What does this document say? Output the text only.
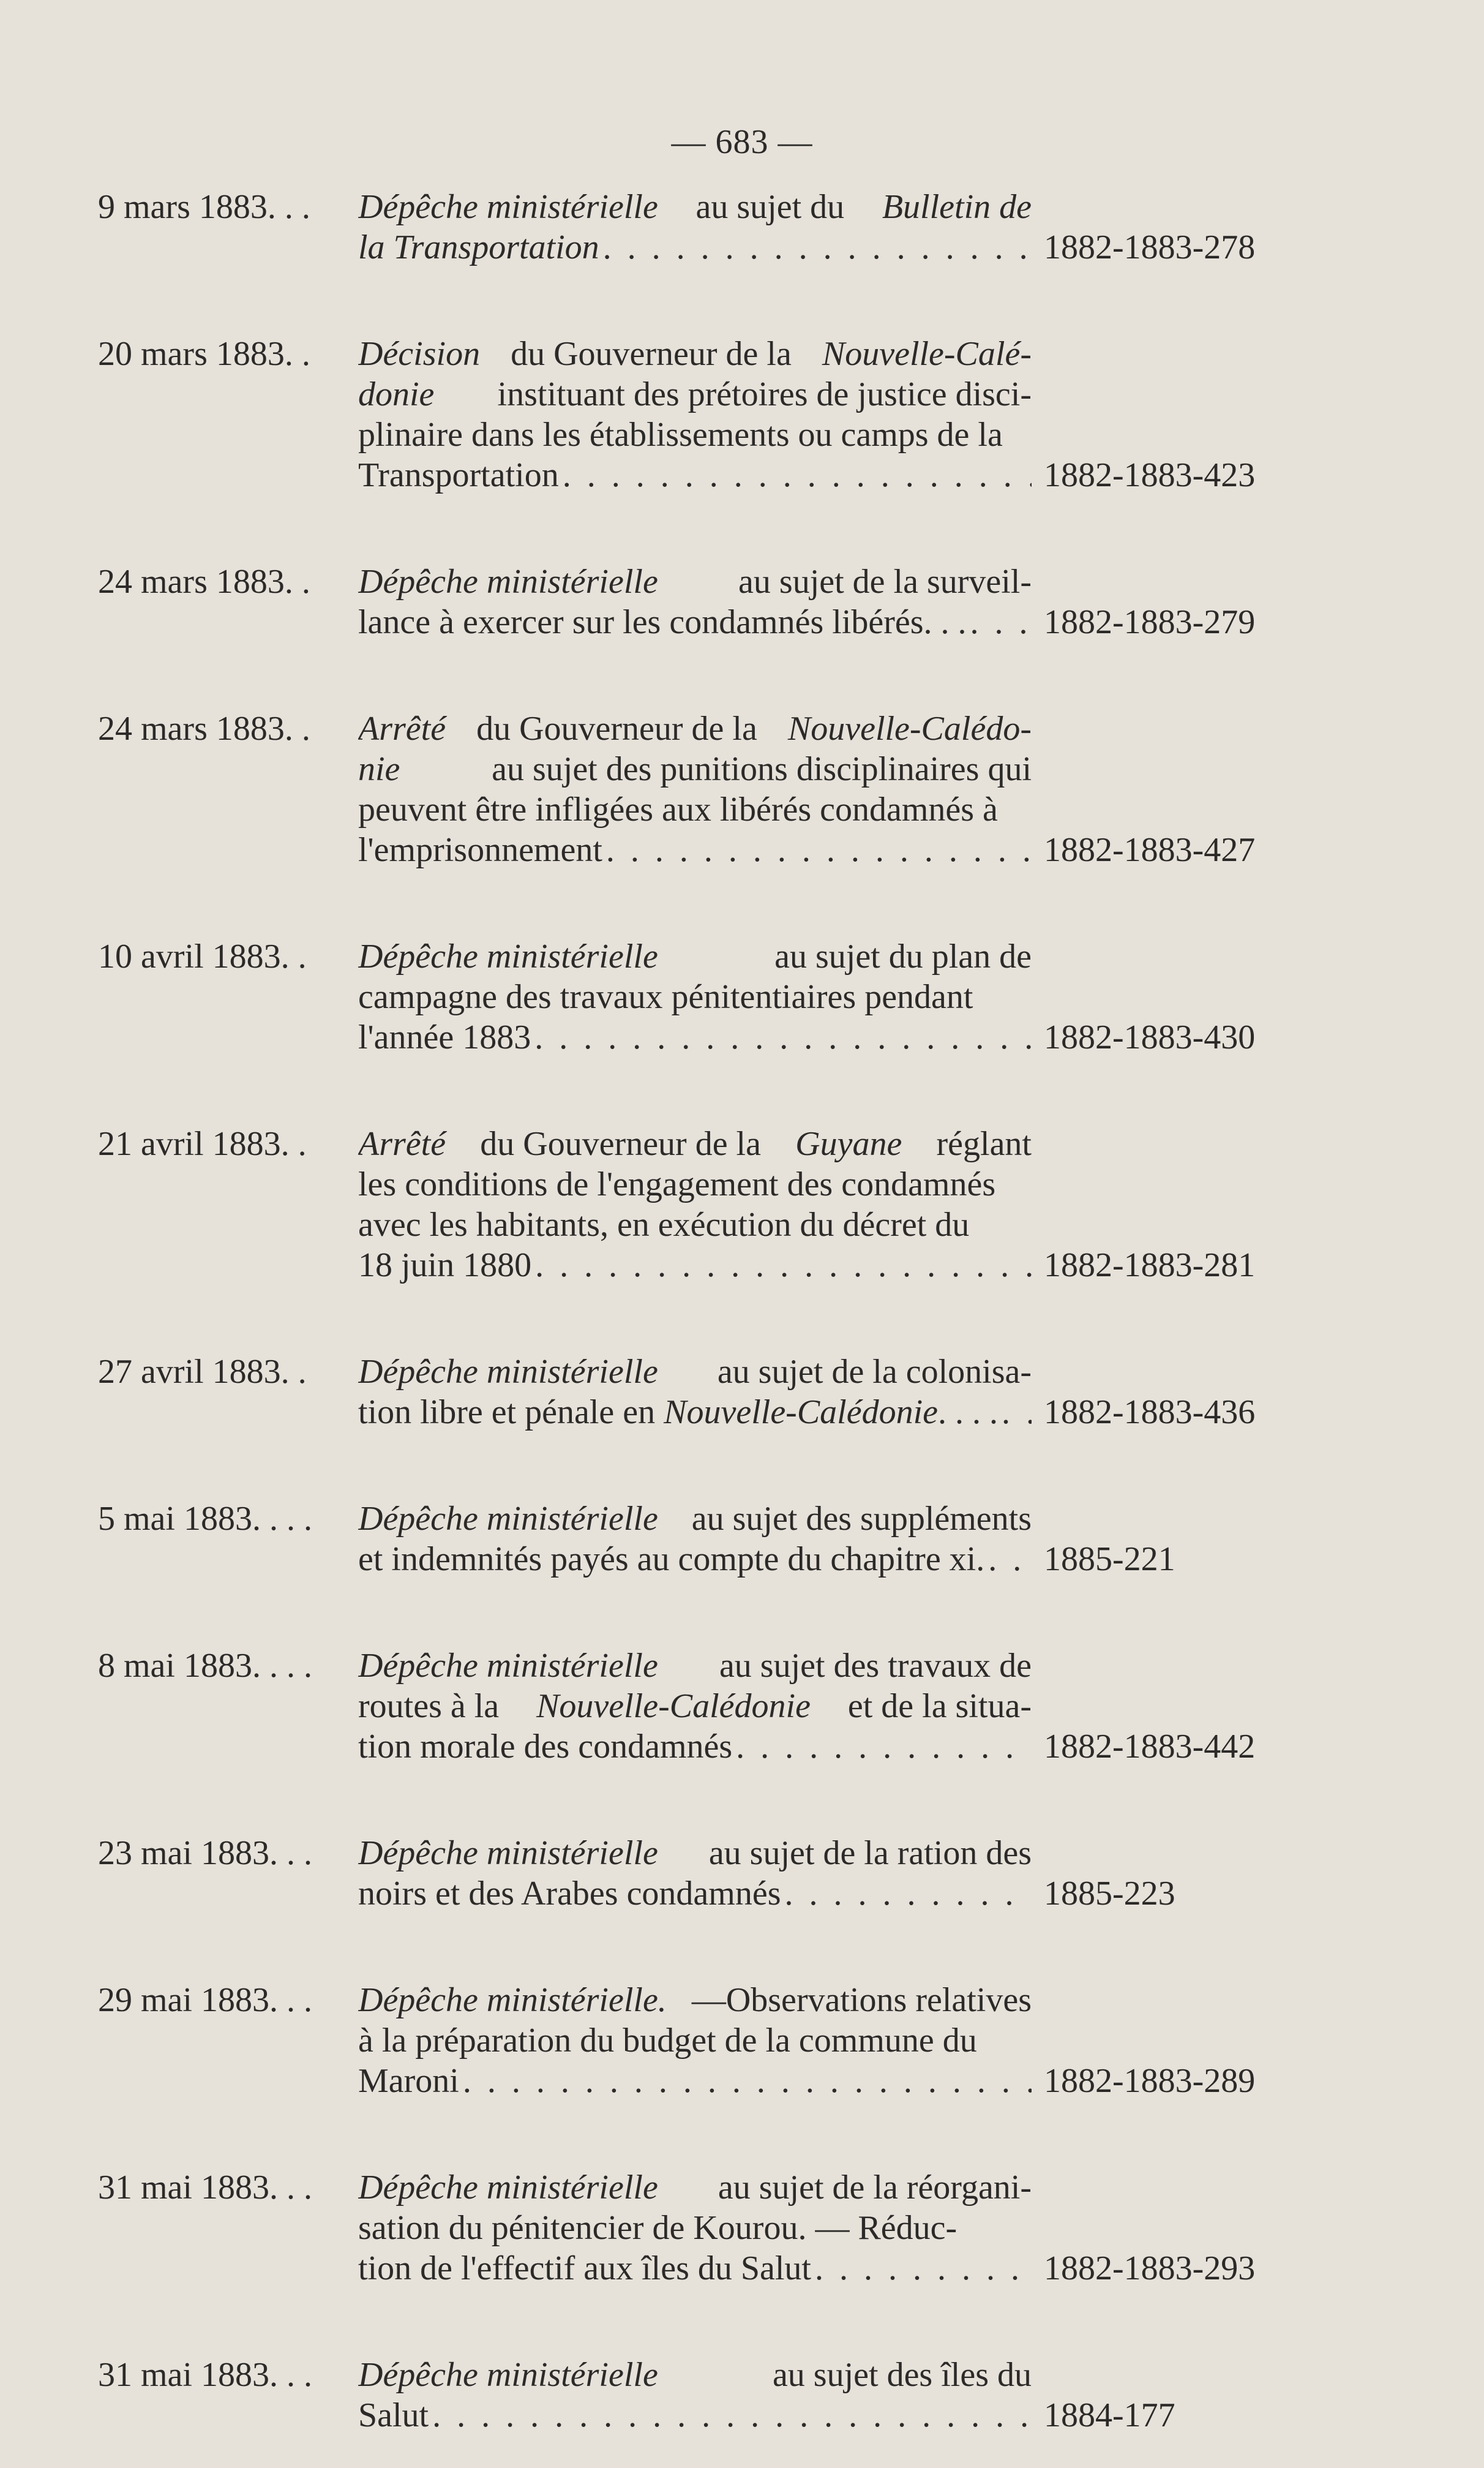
— 683 —
9 mars 1883. . . Dépêche ministérielle au sujet du Bulletin de
la Transportation . . .	1882-1883-278
20 mars 1883. . Décision du Gouverneur de la Nouvelle-Calé-
donie instituant des prétoires de justice disci-
plinaire dans les établissements ou camps de la
Transportation . . .	1882-1883-423
24 mars 1883. . Dépêche ministérielle au sujet de la surveil-
lance à exercer sur les condamnés libérés. . . . . . 1882-1883-279
24 mars 1883. . Arrêté du Gouverneur de la Nouvelle-Calédo-
nie au sujet des punitions disciplinaires qui
peuvent être infligées aux libérés condamnés à
l'emprisonnement . . .	1882-1883-427
10 avril 1883. . Dépêche ministérielle	au sujet du plan de
campagne des travaux pénitentiaires pendant
l'année 1883 . . .	1882-1883-430
21 avril 1883. . Arrêté du Gouverneur de la Guyane réglant
les conditions de l'engagement des condamnés
avec les habitants, en exécution du décret du
18 juin 1880 . . .	1882-1883-281
27 avril 1883. . Dépêche ministérielle au sujet de la colonisa-
tion libre et pénale en Nouvelle-Calédonie . . . . . . . 1882-1883-436
5 mai 1883. . . . Dépêche ministérielle au sujet des suppléments
et indemnités payés au compte du chapitre xi. . . . 1885-221
8 mai 1883. . . . Dépêche ministérielle au sujet des travaux de
routes à la Nouvelle-Calédonie et de la situa-
tion morale des condamnés . . .	1882-1883-442
23 mai 1883. . . Dépêche ministérielle au sujet de la ration des
noirs et des Arabes condamnés . . .	1885-223
29 mai 1883. . . Dépêche ministérielle. —Observations relatives
à la préparation du budget de la commune du
Maroni . . .	1882-1883-289
31 mai 1883. . . Dépêche ministérielle au sujet de la réorgani-
sation du pénitencier de Kourou. — Réduc-
tion de l'effectif aux îles du Salut . . .	1882-1883-293
31 mai 1883. . . Dépêche ministérielle	au sujet des îles du
Salut . . .	1884-177
